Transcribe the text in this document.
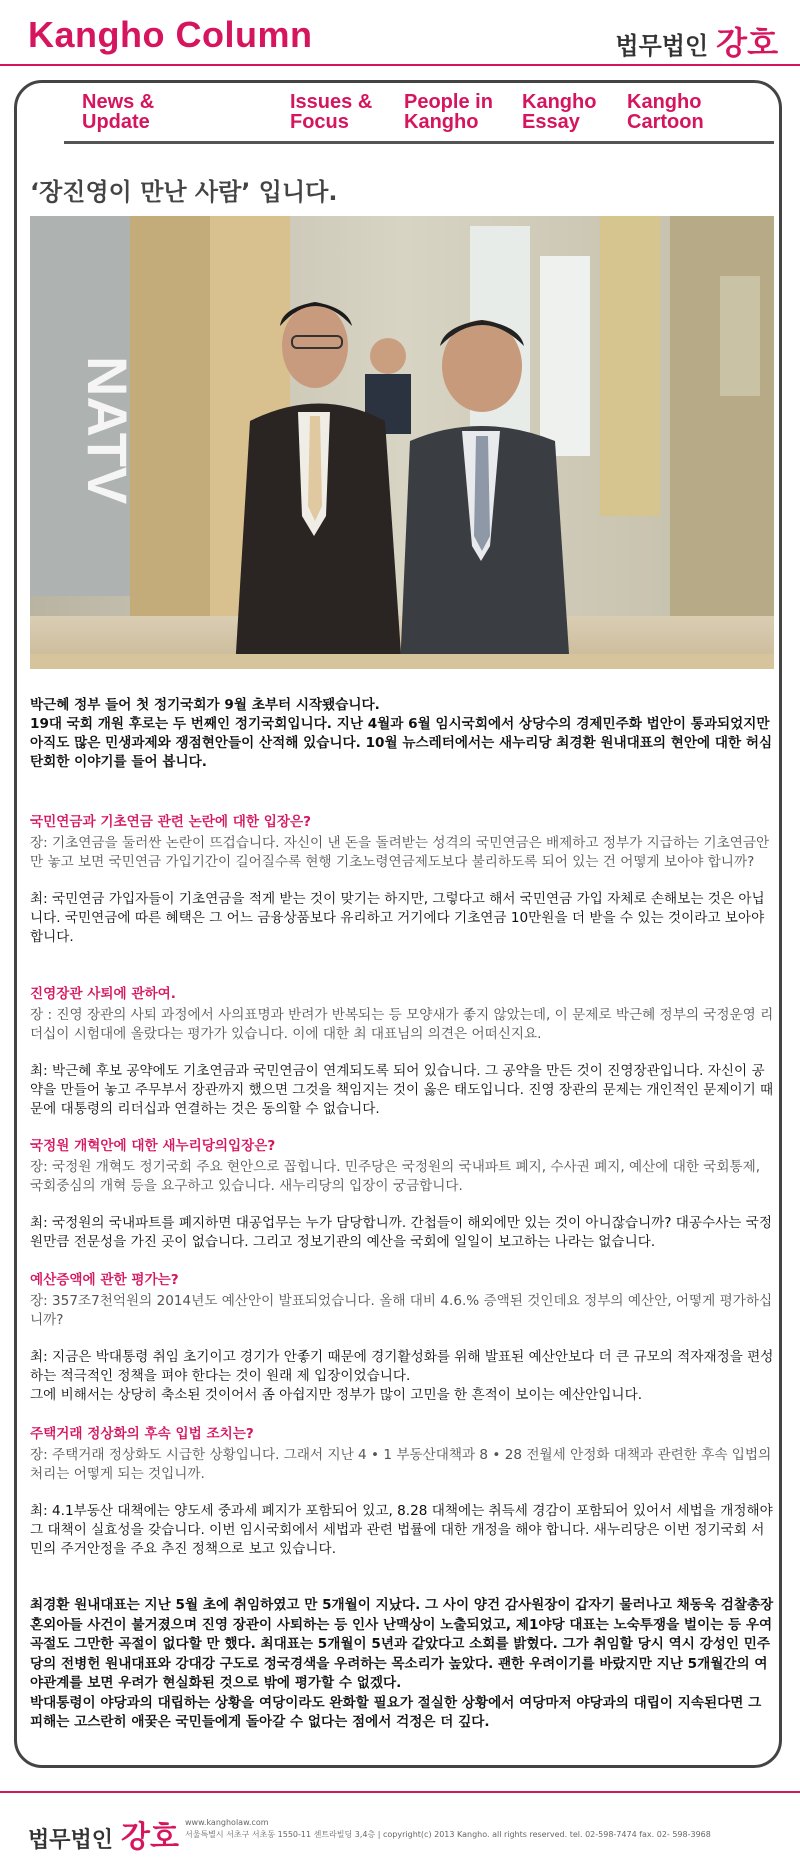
Kangho Column	법무법인 강호
News &
Update
Issues &
Focus
People in
Kangho
Kangho
Essay
Kangho
Cartoon
‘장진영이 만난 사람’ 입니다.
NATV

박근혜 정부 들어 첫 정기국회가 9월 초부터 시작됐습니다.

19대 국회 개원 후로는 두 번째인 정기국회입니다. 지난 4월과 6월 임시국회에서 상당수의 경제민주화 법안이 통과되었지만 아직도 많은 민생과제와 쟁점현안들이 산적해 있습니다. 10월 뉴스레터에서는 새누리당 최경환 원내대표의 현안에 대한 허심탄회한 이야기를 들어 봅니다.

국민연금과 기초연금 관련 논란에 대한 입장은?

장: 기초연금을 둘러싼 논란이 뜨겁습니다. 자신이 낸 돈을 돌려받는 성격의 국민연금은 배제하고 정부가 지급하는 기초연금안만 놓고 보면 국민연금 가입기간이 길어질수록 현행 기초노령연금제도보다 불리하도록 되어 있는 건 어떻게 보아야 합니까?

최: 국민연금 가입자들이 기초연금을 적게 받는 것이 맞기는 하지만, 그렇다고 해서 국민연금 가입 자체로 손해보는 것은 아닙니다. 국민연금에 따른 혜택은 그 어느 금융상품보다 유리하고 거기에다 기초연금 10만원을 더 받을 수 있는 것이라고 보아야 합니다.

진영장관 사퇴에 관하여.

장 : 진영 장관의 사퇴 과정에서 사의표명과 반려가 반복되는 등 모양새가 좋지 않았는데, 이 문제로 박근혜 정부의 국정운영 리더십이 시험대에 올랐다는 평가가 있습니다. 이에 대한 최 대표님의 의견은 어떠신지요.

최: 박근혜 후보 공약에도 기초연금과 국민연금이 연계되도록 되어 있습니다. 그 공약을 만든 것이 진영장관입니다. 자신이 공약을 만들어 놓고 주무부서 장관까지 했으면 그것을 책임지는 것이 옳은 태도입니다. 진영 장관의 문제는 개인적인 문제이기 때문에 대통령의 리더십과 연결하는 것은 동의할 수 없습니다.

국정원 개혁안에 대한 새누리당의입장은?

장: 국정원 개혁도 정기국회 주요 현안으로 꼽힙니다. 민주당은 국정원의 국내파트 폐지, 수사권 폐지, 예산에 대한 국회통제, 국회중심의 개혁 등을 요구하고 있습니다. 새누리당의 입장이 궁금합니다.

최: 국정원의 국내파트를 폐지하면 대공업무는 누가 담당합니까. 간첩들이 해외에만 있는 것이 아니잖습니까? 대공수사는 국정원만큼 전문성을 가진 곳이 없습니다. 그리고 정보기관의 예산을 국회에 일일이 보고하는 나라는 없습니다.

예산증액에 관한 평가는?

장: 357조7천억원의 2014년도 예산안이 발표되었습니다. 올해 대비 4.6.% 증액된 것인데요 정부의 예산안, 어떻게 평가하십니까?

최: 지금은 박대통령 취임 초기이고 경기가 안좋기 때문에 경기활성화를 위해 발표된 예산안보다 더 큰 규모의 적자재정을 편성하는 적극적인 정책을 펴야 한다는 것이 원래 제 입장이었습니다.
그에 비해서는 상당히 축소된 것이어서 좀 아쉽지만 정부가 많이 고민을 한 흔적이 보이는 예산안입니다.

주택거래 정상화의 후속 입법 조치는?

장: 주택거래 정상화도 시급한 상황입니다. 그래서 지난 4 • 1 부동산대책과 8 • 28 전월세 안정화 대책과 관련한 후속 입법의 처리는 어떻게 되는 것입니까.

최: 4.1부동산 대책에는 양도세 중과세 폐지가 포함되어 있고, 8.28 대책에는 취득세 경감이 포함되어 있어서 세법을 개정해야 그 대책이 실효성을 갖습니다. 이번 임시국회에서 세법과 관련 법률에 대한 개정을 해야 합니다. 새누리당은 이번 정기국회 서민의 주거안정을 주요 추진 정책으로 보고 있습니다.

최경환 원내대표는 지난 5월 초에 취임하였고 만 5개월이 지났다. 그 사이 양건 감사원장이 갑자기 물러나고 채동욱 검찰총장 혼외아들 사건이 불거졌으며 진영 장관이 사퇴하는 등 인사 난맥상이 노출되었고, 제1야당 대표는 노숙투쟁을 벌이는 등 우여곡절도 그만한 곡절이 없다할 만 했다. 최대표는 5개월이 5년과 같았다고 소회를 밝혔다. 그가 취임할 당시 역시 강성인 민주당의 전병헌 원내대표와 강대강 구도로 정국경색을 우려하는 목소리가 높았다. 괜한 우려이기를 바랐지만 지난 5개월간의 여야관계를 보면 우려가 현실화된 것으로 밖에 평가할 수 없겠다.

박대통령이 야당과의 대립하는 상황을 여당이라도 완화할 필요가 절실한 상황에서 여당마저 야당과의 대립이 지속된다면 그 피해는 고스란히 애꿎은 국민들에게 돌아갈 수 없다는 점에서 걱정은 더 깊다.

법무법인 강호 www.kangholaw.com
서울특별시 서초구 서초동 1550-11 센트라빌딩 3,4층 | copyright(c) 2013 Kangho. all rights reserved. tel. 02-598-7474 fax. 02- 598-3968
